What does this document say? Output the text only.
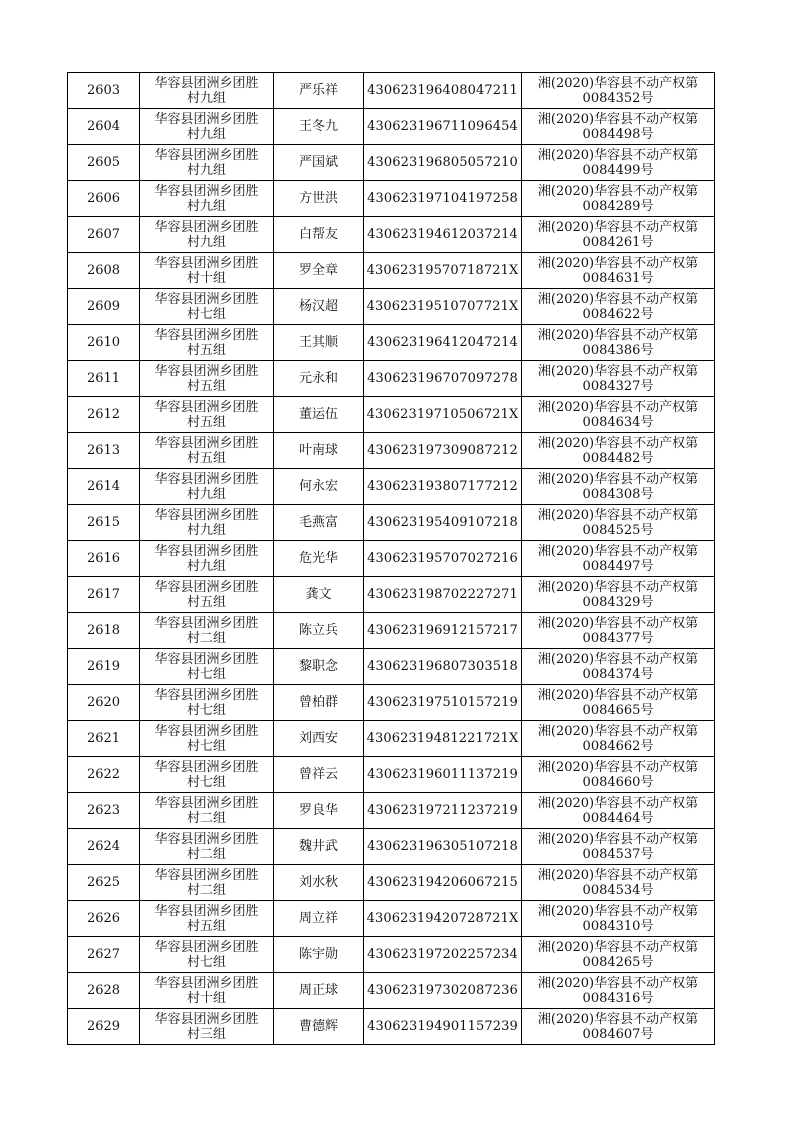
2603	华容县团洲乡团胜
村九组	严乐祥	430623196408047211	湘(2020)华容县不动产权第
0084352号

2604	华容县团洲乡团胜
村九组	王冬九	430623196711096454	湘(2020)华容县不动产权第
0084498号

2605	华容县团洲乡团胜
村九组	严国斌	430623196805057210	湘(2020)华容县不动产权第
0084499号

2606	华容县团洲乡团胜
村九组	方世洪	430623197104197258	湘(2020)华容县不动产权第
0084289号

2607	华容县团洲乡团胜
村九组	白帮友	430623194612037214	湘(2020)华容县不动产权第
0084261号

2608	华容县团洲乡团胜
村十组	罗全章	43062319570718721X	湘(2020)华容县不动产权第
0084631号

2609	华容县团洲乡团胜
村七组	杨汉超	43062319510707721X	湘(2020)华容县不动产权第
0084622号

2610	华容县团洲乡团胜
村五组	王其顺	430623196412047214	湘(2020)华容县不动产权第
0084386号

2611	华容县团洲乡团胜
村五组	元永和	430623196707097278	湘(2020)华容县不动产权第
0084327号

2612	华容县团洲乡团胜
村五组	董运伍	43062319710506721X	湘(2020)华容县不动产权第
0084634号

2613	华容县团洲乡团胜
村五组	叶南球	430623197309087212	湘(2020)华容县不动产权第
0084482号

2614	华容县团洲乡团胜
村九组	何永宏	430623193807177212	湘(2020)华容县不动产权第
0084308号

2615	华容县团洲乡团胜
村九组	毛燕富	430623195409107218	湘(2020)华容县不动产权第
0084525号

2616	华容县团洲乡团胜
村九组	危光华	430623195707027216	湘(2020)华容县不动产权第
0084497号

2617	华容县团洲乡团胜
村五组	龚文	430623198702227271	湘(2020)华容县不动产权第
0084329号

2618	华容县团洲乡团胜
村二组	陈立兵	430623196912157217	湘(2020)华容县不动产权第
0084377号

2619	华容县团洲乡团胜
村七组	黎职念	430623196807303518	湘(2020)华容县不动产权第
0084374号

2620	华容县团洲乡团胜
村七组	曾柏群	430623197510157219	湘(2020)华容县不动产权第
0084665号

2621	华容县团洲乡团胜
村七组	刘西安	43062319481221721X	湘(2020)华容县不动产权第
0084662号

2622	华容县团洲乡团胜
村七组	曾祥云	430623196011137219	湘(2020)华容县不动产权第
0084660号

2623	华容县团洲乡团胜
村二组	罗良华	430623197211237219	湘(2020)华容县不动产权第
0084464号

2624	华容县团洲乡团胜
村二组	魏井武	430623196305107218	湘(2020)华容县不动产权第
0084537号

2625	华容县团洲乡团胜
村二组	刘水秋	430623194206067215	湘(2020)华容县不动产权第
0084534号

2626	华容县团洲乡团胜
村五组	周立祥	43062319420728721X	湘(2020)华容县不动产权第
0084310号

2627	华容县团洲乡团胜
村七组	陈宇勋	430623197202257234	湘(2020)华容县不动产权第
0084265号

2628	华容县团洲乡团胜
村十组	周正球	430623197302087236	湘(2020)华容县不动产权第
0084316号

2629	华容县团洲乡团胜
村三组	曹德辉	430623194901157239	湘(2020)华容县不动产权第
0084607号
